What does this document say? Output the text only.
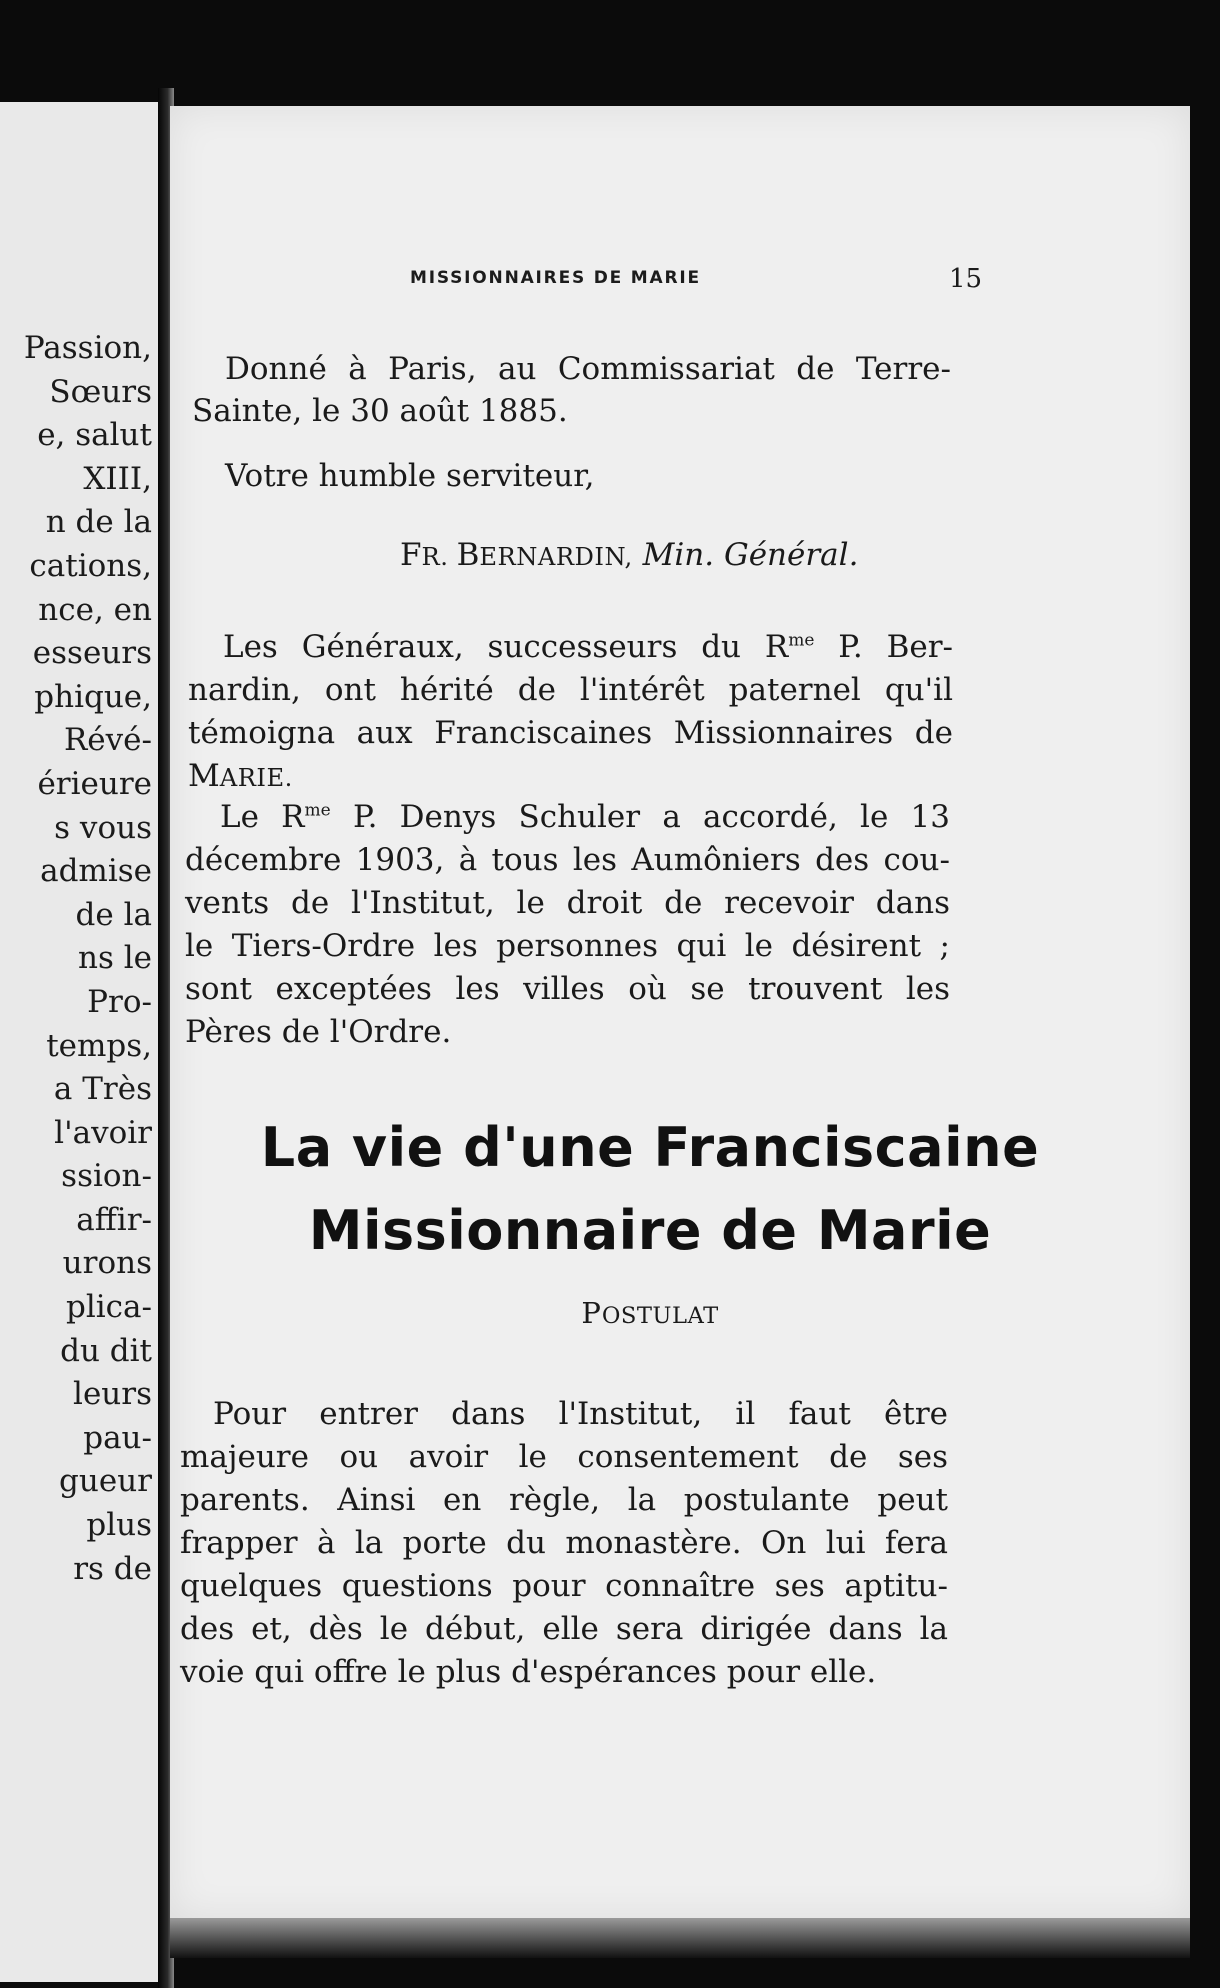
Passion,
Sœurs
e, salut
XIII,
n de la
cations,
nce, en
esseurs
phique,
Révé-
érieure
s vous
admise
de la
ns le
Pro-
temps,
a Très
l'avoir
ssion-
affir-
urons
plica-
du dit
leurs
pau-
gueur
plus
rs de
MISSIONNAIRES DE MARIE	15
Donné à Paris, au Commissariat de Terre-
Sainte, le 30 août 1885.
Votre humble serviteur,
FR. BERNARDIN, Min. Général.
Les Généraux, successeurs du $R^{me}$ P. Ber-
nardin, ont hérité de l'intérêt paternel qu'il
témoigna aux Franciscaines Missionnaires de
MARIE.
Le $R^{me}$ P. Denys Schuler a accordé, le 13
décembre 1903, à tous les Aumôniers des cou-
vents de l'Institut, le droit de recevoir dans
le Tiers-Ordre les personnes qui le désirent ;
sont exceptées les villes où se trouvent les
Pères de l'Ordre.
La vie d'une Franciscaine
Missionnaire de Marie
POSTULAT
Pour entrer dans l'Institut, il faut être
majeure ou avoir le consentement de ses
parents. Ainsi en règle, la postulante peut
frapper à la porte du monastère. On lui fera
quelques questions pour connaître ses aptitu-
des et, dès le début, elle sera dirigée dans la
voie qui offre le plus d'espérances pour elle.
